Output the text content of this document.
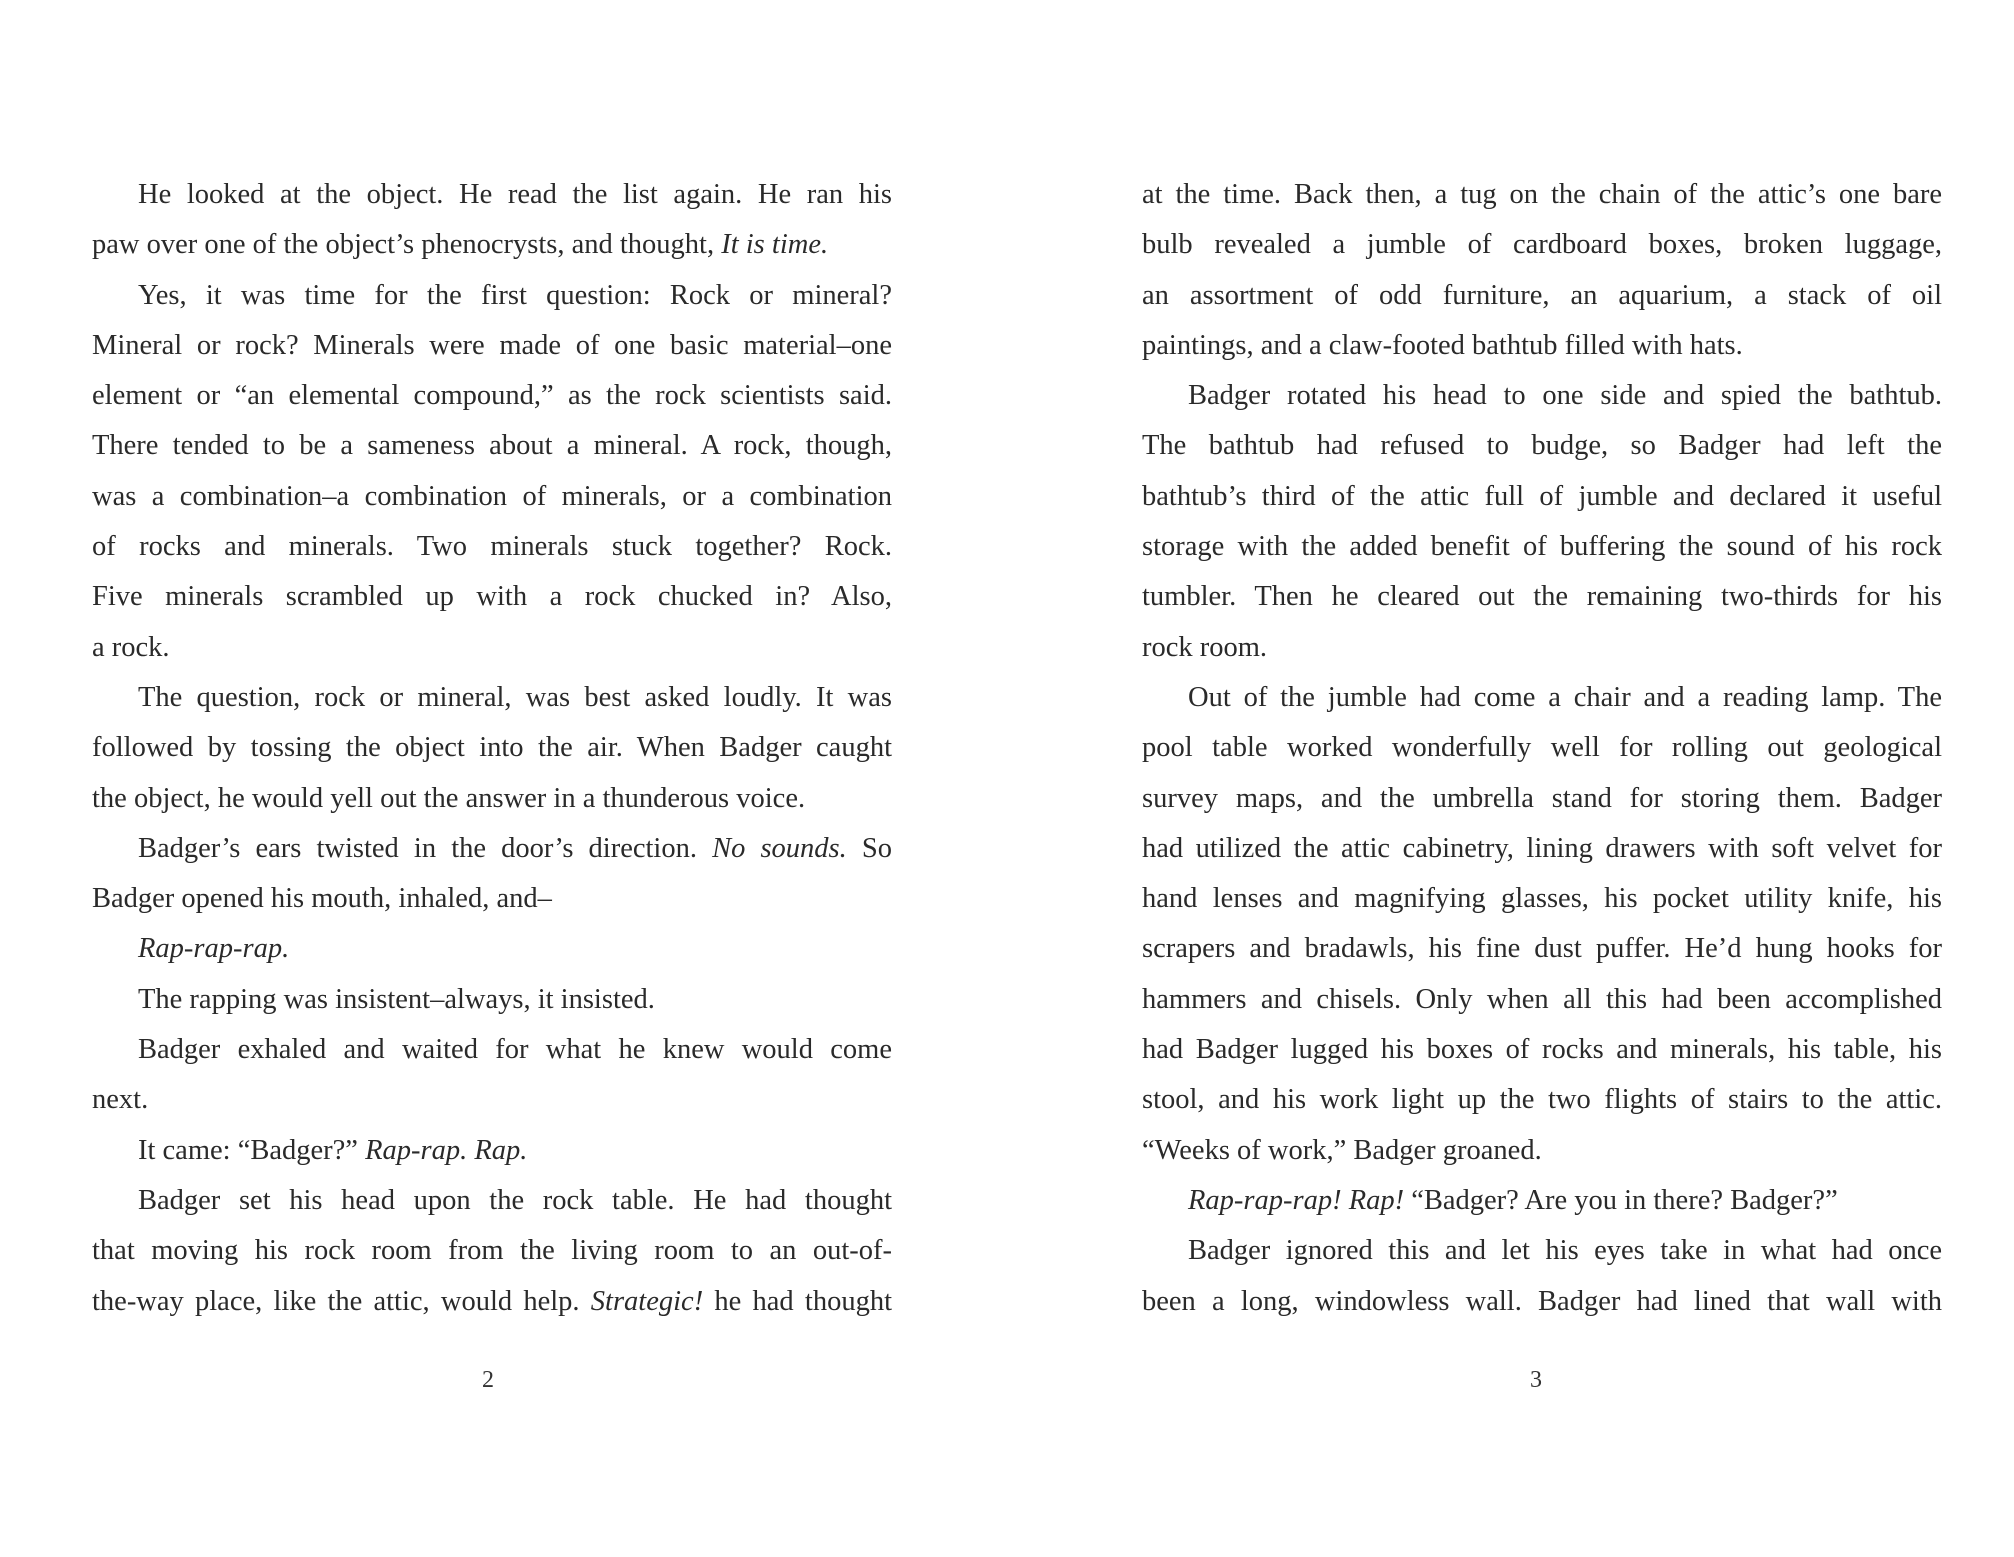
He looked at the object. He read the list again. He ran his
paw over one of the object’s phenocrysts, and thought, It is time.
Yes, it was time for the first question: Rock or mineral?
Mineral or rock? Minerals were made of one basic material–one
element or “an elemental compound,” as the rock scientists said.
There tended to be a sameness about a mineral. A rock, though,
was a combination–a combination of minerals, or a combination
of rocks and minerals. Two minerals stuck together? Rock.
Five minerals scrambled up with a rock chucked in? Also,
a rock.
The question, rock or mineral, was best asked loudly. It was
followed by tossing the object into the air. When Badger caught
the object, he would yell out the answer in a thunderous voice.
Badger’s ears twisted in the door’s direction. No sounds. So
Badger opened his mouth, inhaled, and–
Rap-rap-rap.
The rapping was insistent–always, it insisted.
Badger exhaled and waited for what he knew would come
next.
It came: “Badger?” Rap-rap. Rap.
Badger set his head upon the rock table. He had thought
that moving his rock room from the living room to an out-of-
the-way place, like the attic, would help. Strategic! he had thought
2
at the time. Back then, a tug on the chain of the attic’s one bare
bulb revealed a jumble of cardboard boxes, broken luggage,
an assortment of odd furniture, an aquarium, a stack of oil
paintings, and a claw-footed bathtub filled with hats.
Badger rotated his head to one side and spied the bathtub.
The bathtub had refused to budge, so Badger had left the
bathtub’s third of the attic full of jumble and declared it useful
storage with the added benefit of buffering the sound of his rock
tumbler. Then he cleared out the remaining two-thirds for his
rock room.
Out of the jumble had come a chair and a reading lamp. The
pool table worked wonderfully well for rolling out geological
survey maps, and the umbrella stand for storing them. Badger
had utilized the attic cabinetry, lining drawers with soft velvet for
hand lenses and magnifying glasses, his pocket utility knife, his
scrapers and bradawls, his fine dust puffer. He’d hung hooks for
hammers and chisels. Only when all this had been accomplished
had Badger lugged his boxes of rocks and minerals, his table, his
stool, and his work light up the two flights of stairs to the attic.
“Weeks of work,” Badger groaned.
Rap-rap-rap! Rap! “Badger? Are you in there? Badger?”
Badger ignored this and let his eyes take in what had once
been a long, windowless wall. Badger had lined that wall with
3
